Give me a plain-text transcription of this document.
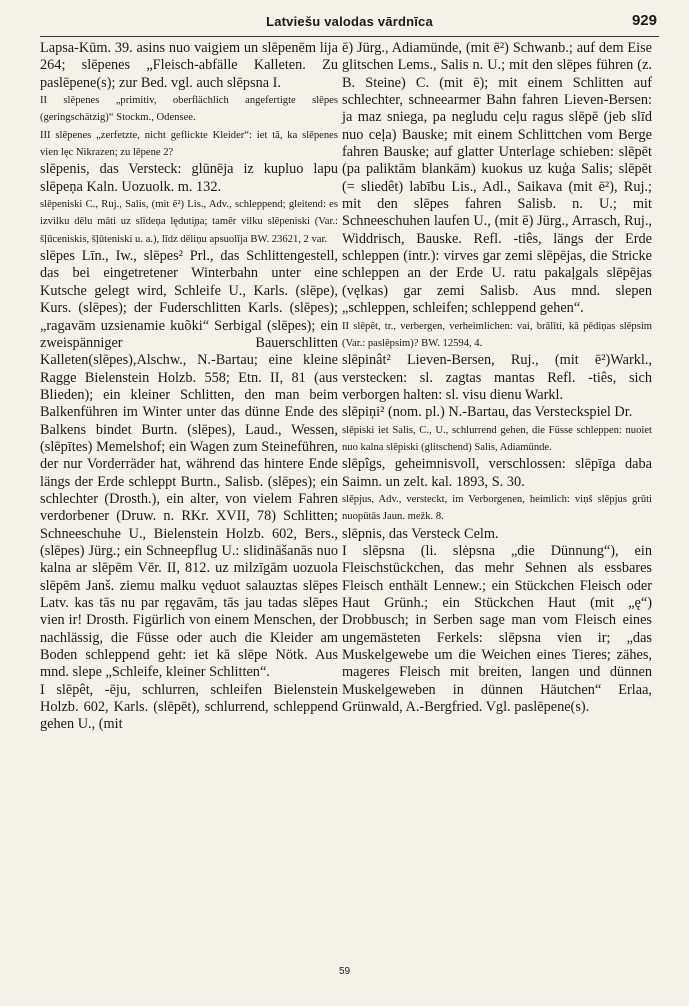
Latviešu valodas vārdnīca	929

Lapsa-Kūm. 39. asins nuo vaigiem un slēpenēm lija 264; slēpenes „Fleisch-abfälle Kalleten. Zu paslēpene(s); zur Bed. vgl. auch slēpsna I.

II slēpenes „primitiv, oberflächlich angefertigte slēpes (geringschätzig)“ Stockm., Odensee.

III slēpenes „zerfetzte, nicht geflickte Kleider“: iet tā, ka slēpenes vien lęc Nikrazen; zu lēpene 2?

slēpenis, das Versteck: glūnēja iz kupluo lapu slēpeņa Kaln. Uozuolk. m. 132.

slēpeniski C., Ruj., Salis, (mit ē²) Lis., Adv., schleppend; gleitend: es izvilku dēlu māti uz slīdeņa lęduti̧ņa; tamēr vilku slēpeniski (Var.: šļūceniskis, šļūteniski u. a.), līdz dēliņu apsuolīja BW. 23621, 2 var.

slēpes Līn., Iw., slēpes² Prl., das Schlittengestell, das bei eingetretener Winterbahn unter eine Kutsche gelegt wird, Schleife U., Karls. (slēpe), Kurs. (slēpes); der Fuderschlitten Karls. (slēpes); „ragavām uzsienamie kuõki“ Serbigal (slēpes); ein zweispänniger Bauerschlitten Kalleten(slēpes),Alschw., N.-Bartau; eine kleine Ragge Bielenstein Holzb. 558; Etn. II, 81 (aus Blieden); ein kleiner Schlitten, den man beim Balkenführen im Winter unter das dünne Ende des Balkens bindet Burtn. (slēpes), Laud., Wessen, (slēpītes) Memelshof; ein Wagen zum Steineführen, der nur Vorderräder hat, während das hintere Ende längs der Erde schleppt Burtn., Salisb. (slēpes); ein schlechter (Drosth.), ein alter, von vielem Fahren verdorbener (Druw. n. RKr. XVII, 78) Schlitten; Schneeschuhe U., Bielenstein Holzb. 602, Bers., (slēpes) Jürg.; ein Schneepflug U.: slidināšanās nuo kalna ar slēpēm Vēr. II, 812. uz milzīgām uozuola slēpēm Janš. ziemu malku vęduot salauztas slēpes Latv. kas tās nu par ręgavām, tās jau tadas slēpes vien ir! Drosth. Figürlich von einem Menschen, der nachlässig, die Füsse oder auch die Kleider am Boden schleppend geht: iet kā slēpe Nötk. Aus mnd. slepe „Schleife, kleiner Schlitten“.

I slēpêt, -ēju, schlurren, schleifen Bielenstein Holzb. 602, Karls. (slēpēt), schlurrend, schleppend gehen U., (mit

ē) Jürg., Adiamünde, (mit ē²) Schwanb.; auf dem Eise glitschen Lems., Salis n. U.; mit den slēpes führen (z. B. Steine) C. (mit ē); mit einem Schlitten auf schlechter, schneearmer Bahn fahren Lieven-Bersen: ja maz sniega, pa negludu ceļu ragus slēpē (jeb slīd nuo ceļa) Bauske; mit einem Schlittchen vom Berge fahren Bauske; auf glatter Unterlage schieben: slēpēt (pa paliktām blankām) kuokus uz kuģa Salis; slēpēt (= sliedêt) labību Lis., Adl., Saikava (mit ē²), Ruj.; mit den slēpes fahren Salisb. n. U.; mit Schneeschuhen laufen U., (mit ē) Jürg., Arrasch, Ruj., Widdrisch, Bauske. Refl. -tiês, längs der Erde schleppen (intr.): virves gar zemi slēpējas, die Stricke schleppen an der Erde U. ratu pakaļgals slēpējas (vęlkas) gar zemi Salisb. Aus mnd. slepen „schleppen, schleifen; schleppend gehen“.

II slēpêt, tr., verbergen, verheimlichen: vai, brālīti, kā pēdiņas slēpsim (Var.: paslēpsim)? BW. 12594, 4.

slēpinât² Lieven-Bersen, Ruj., (mit ē²)Warkl., verstecken: sl. zagtas mantas Refl. -tiês, sich verborgen halten: sl. visu dienu Warkl.

slēpiņi² (nom. pl.) N.-Bartau, das Versteckspiel Dr.

slēpiski iet Salis, C., U., schlurrend gehen, die Füsse schleppen: nuoiet nuo kalna slēpiski (glitschend) Salis, Adiamünde.

slēpîgs, geheimnisvoll, verschlossen: slēpīga daba Saimn. un zelt. kal. 1893, S. 30.

slēpjus, Adv., versteckt, im Verborgenen, heimlich: viņš slēpjus grūti nuopūtās Jaun. mežk. 8.

slēpnis, das Versteck Celm.

I slēpsna (li. slėpsna „die Dünnung“), ein Fleischstückchen, das mehr Sehnen als essbares Fleisch enthält Lennew.; ein Stückchen Fleisch oder Haut Grünh.; ein Stückchen Haut (mit „ę“) Drobbusch; in Serben sage man vom Fleisch eines ungemästeten Ferkels: slēpsna vien ir; „das Muskelgewebe um die Weichen eines Tieres; zähes, mageres Fleisch mit breiten, langen und dünnen Muskelgeweben in dünnen Häutchen“ Erlaa, Grünwald, A.-Bergfried. Vgl. paslēpene(s).

59
